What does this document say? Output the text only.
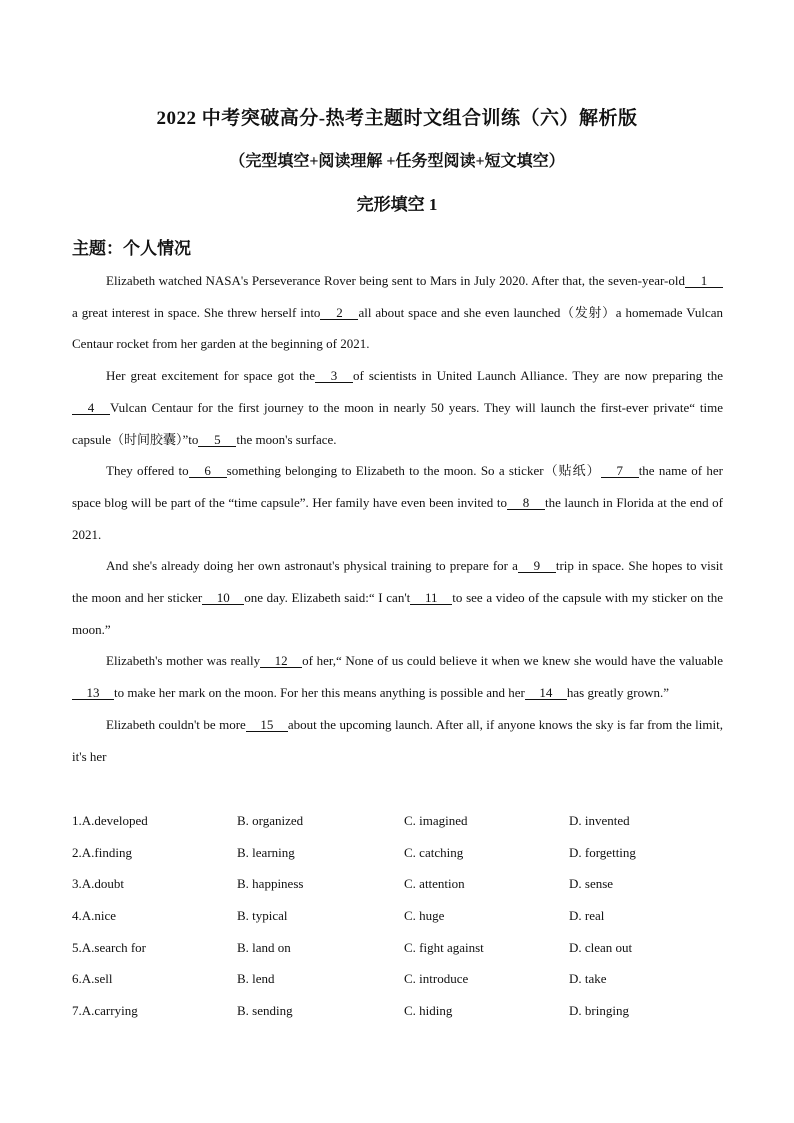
2022 中考突破高分-热考主题时文组合训练（六）解析版
（完型填空+阅读理解 +任务型阅读+短文填空）
完形填空 1
主题：个人情况

Elizabeth watched NASA's Perseverance Rover being sent to Mars in July 2020. After that, the seven-year-old 1a great interest in space. She threw herself into 2 all about space and she even launched（发射）a homemade Vulcan Centaur rocket from her garden at the beginning of 2021.

Her great excitement for space got the 3 of scientists in United Launch Alliance. They are now preparing the4 Vulcan Centaur for the first journey to the moon in nearly 50 years. They will launch the first-ever private“ time capsule（时间胶囊）”to 5 the moon's surface.

They offered to 6 something belonging to Elizabeth to the moon. So a sticker（贴纸） 7 the name of her space blog will be part of the “time capsule”. Her family have even been invited to 8 the launch in Florida at the end of 2021.

And she's already doing her own astronaut's physical training to prepare for a 9 trip in space. She hopes to visit the moon and her sticker 10 one day. Elizabeth said:“ I can't 11 to see a video of the capsule with my sticker on the moon.”

Elizabeth's mother was really 12 of her,“ None of us could believe it when we knew she would have the valuable13 to make her mark on the moon. For her this means anything is possible and her 14 has greatly grown.”

Elizabeth couldn't be more 15 about the upcoming launch. After all, if anyone knows the sky is far from the limit, it's her

1.A.developed	B. organized	C. imagined	D. invented
2.A.finding	B. learning	C. catching	D. forgetting
3.A.doubt	B. happiness	C. attention	D. sense
4.A.nice	B. typical	C. huge	D. real
5.A.search for	B. land on	C. fight against	D. clean out
6.A.sell	B. lend	C. introduce	D. take
7.A.carrying	B. sending	C. hiding	D. bringing
